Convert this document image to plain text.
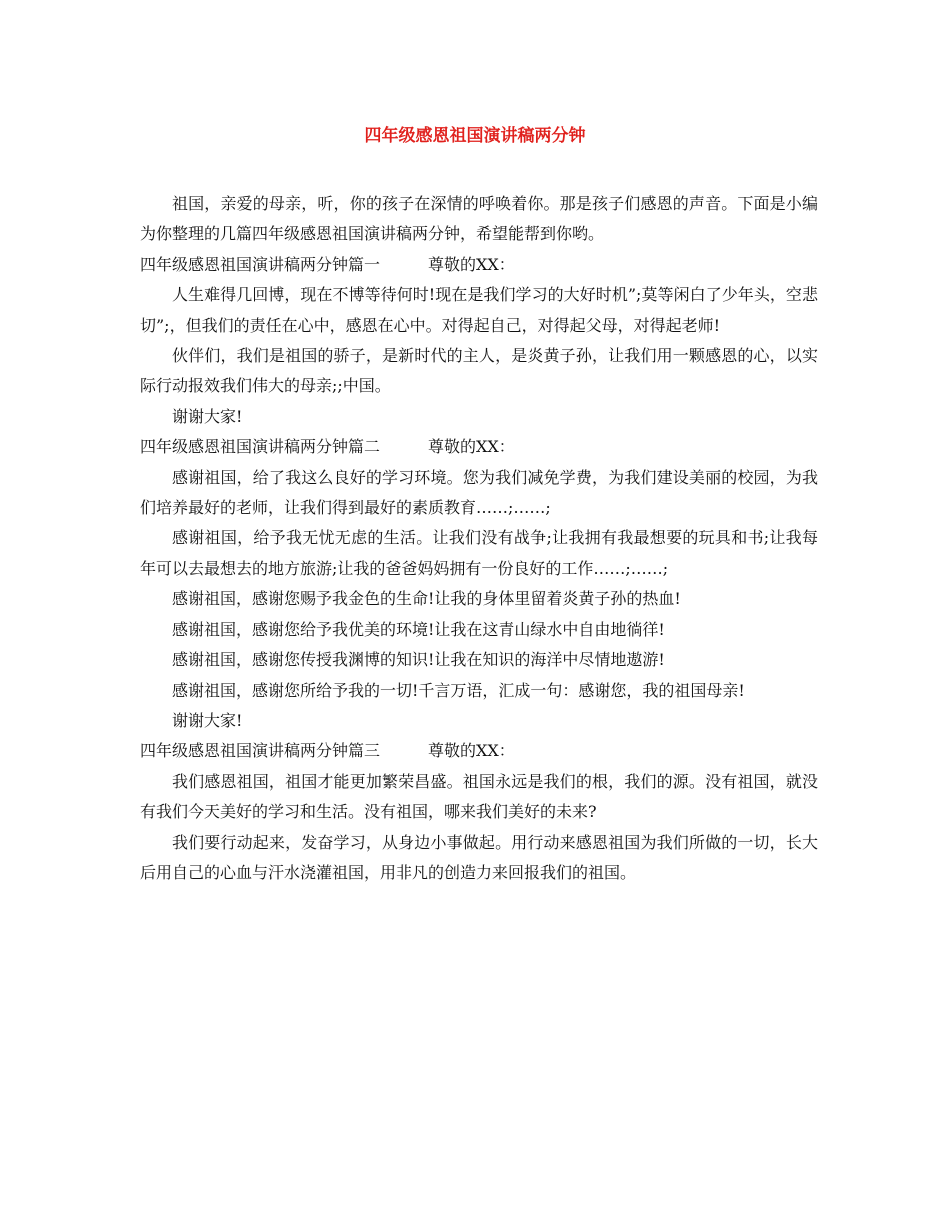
四年级感恩祖国演讲稿两分钟

祖国，亲爱的母亲，听，你的孩子在深情的呼唤着你。那是孩子们感恩的声音。下面是小编为你整理的几篇四年级感恩祖国演讲稿两分钟，希望能帮到你哟。

四年级感恩祖国演讲稿两分钟篇一	尊敬的XX：

人生难得几回博，现在不博等待何时!现在是我们学习的大好时机”;莫等闲白了少年头，空悲切”;，但我们的责任在心中，感恩在心中。对得起自己，对得起父母，对得起老师!

伙伴们，我们是祖国的骄子，是新时代的主人，是炎黄子孙，让我们用一颗感恩的心，以实际行动报效我们伟大的母亲;;中国。

谢谢大家!

四年级感恩祖国演讲稿两分钟篇二	尊敬的XX：

感谢祖国，给了我这么良好的学习环境。您为我们减免学费，为我们建设美丽的校园，为我们培养最好的老师，让我们得到最好的素质教育……;……;

感谢祖国，给予我无忧无虑的生活。让我们没有战争;让我拥有我最想要的玩具和书;让我每年可以去最想去的地方旅游;让我的爸爸妈妈拥有一份良好的工作……;……;

感谢祖国，感谢您赐予我金色的生命!让我的身体里留着炎黄子孙的热血!

感谢祖国，感谢您给予我优美的环境!让我在这青山绿水中自由地徜徉!

感谢祖国，感谢您传授我渊博的知识!让我在知识的海洋中尽情地遨游!

感谢祖国，感谢您所给予我的一切!千言万语，汇成一句：感谢您，我的祖国母亲!

谢谢大家!

四年级感恩祖国演讲稿两分钟篇三	尊敬的XX：

我们感恩祖国，祖国才能更加繁荣昌盛。祖国永远是我们的根，我们的源。没有祖国，就没有我们今天美好的学习和生活。没有祖国，哪来我们美好的未来?

我们要行动起来，发奋学习，从身边小事做起。用行动来感恩祖国为我们所做的一切，长大后用自己的心血与汗水浇灌祖国，用非凡的创造力来回报我们的祖国。
